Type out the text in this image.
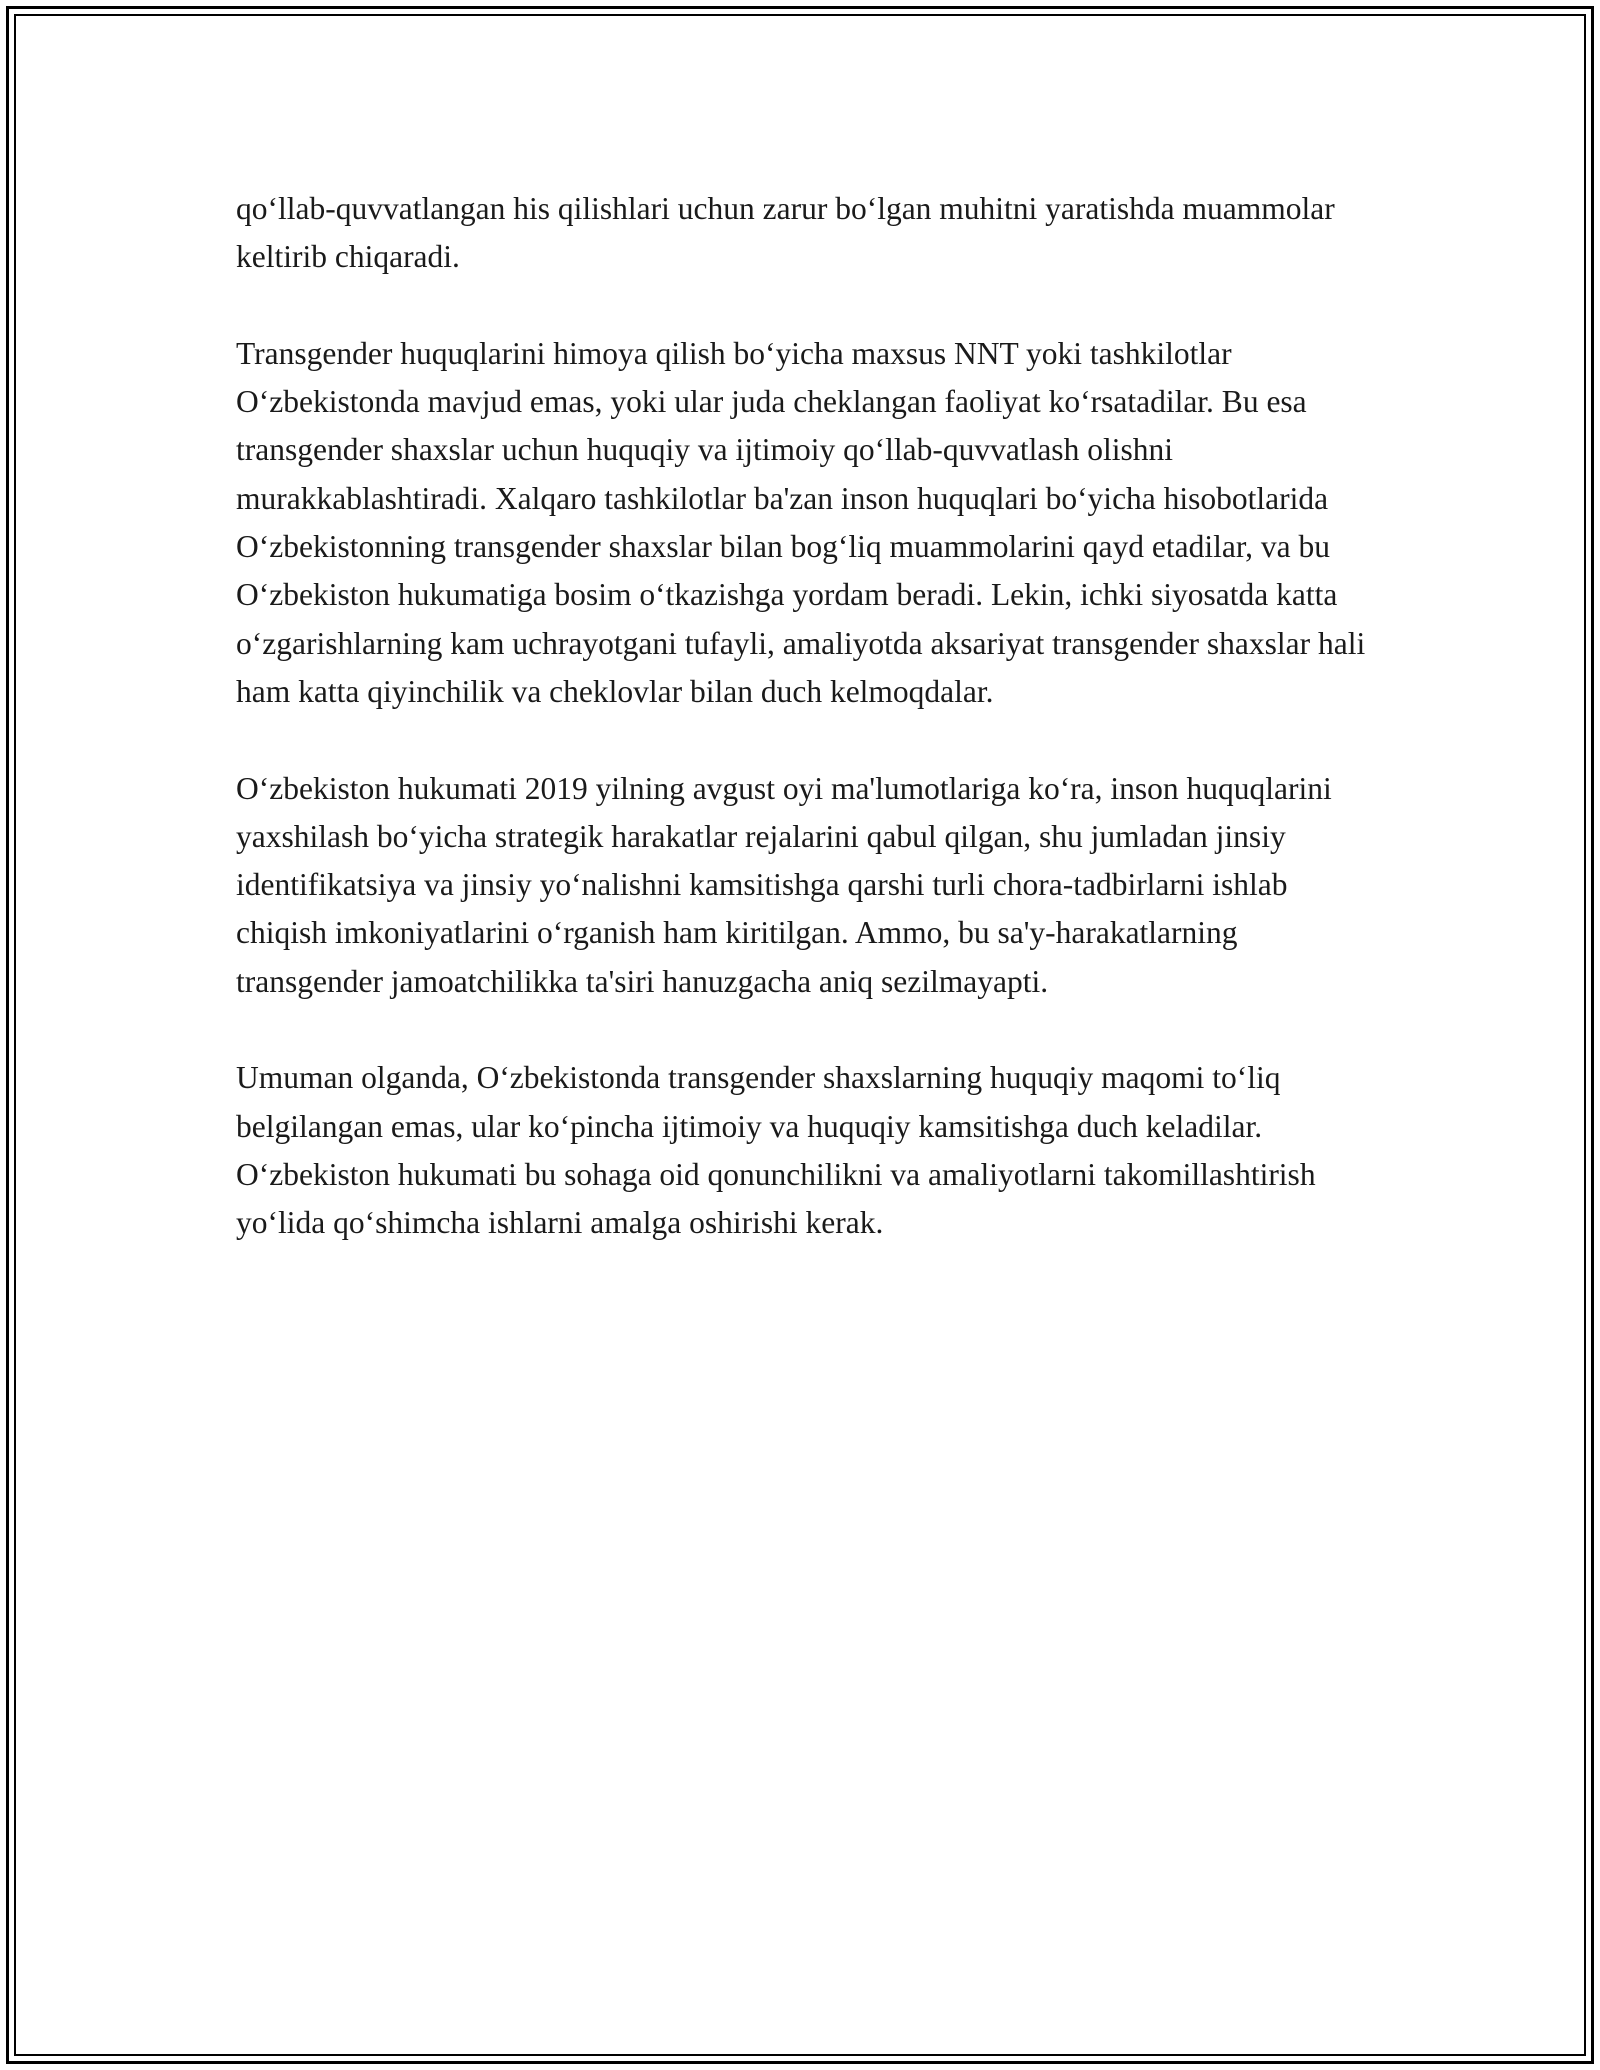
qo‘llab-quvvatlangan his qilishlari uchun zarur bo‘lgan muhitni yaratishda muammolar keltirib chiqaradi.

Transgender huquqlarini himoya qilish bo‘yicha maxsus NNT yoki tashkilotlar O‘zbekistonda mavjud emas, yoki ular juda cheklangan faoliyat ko‘rsatadilar. Bu esa transgender shaxslar uchun huquqiy va ijtimoiy qo‘llab-quvvatlash olishni murakkablashtiradi. Xalqaro tashkilotlar ba'zan inson huquqlari bo‘yicha hisobotlarida O‘zbekistonning transgender shaxslar bilan bog‘liq muammolarini qayd etadilar, va bu O‘zbekiston hukumatiga bosim o‘tkazishga yordam beradi. Lekin, ichki siyosatda katta o‘zgarishlarning kam uchrayotgani tufayli, amaliyotda aksariyat transgender shaxslar hali ham katta qiyinchilik va cheklovlar bilan duch kelmoqdalar.

O‘zbekiston hukumati 2019 yilning avgust oyi ma'lumotlariga ko‘ra, inson huquqlarini yaxshilash bo‘yicha strategik harakatlar rejalarini qabul qilgan, shu jumladan jinsiy identifikatsiya va jinsiy yo‘nalishni kamsitishga qarshi turli chora-tadbirlarni ishlab chiqish imkoniyatlarini o‘rganish ham kiritilgan. Ammo, bu sa'y-harakatlarning transgender jamoatchilikka ta'siri hanuzgacha aniq sezilmayapti.

Umuman olganda, O‘zbekistonda transgender shaxslarning huquqiy maqomi to‘liq belgilangan emas, ular ko‘pincha ijtimoiy va huquqiy kamsitishga duch keladilar. O‘zbekiston hukumati bu sohaga oid qonunchilikni va amaliyotlarni takomillashtirish yo‘lida qo‘shimcha ishlarni amalga oshirishi kerak.
